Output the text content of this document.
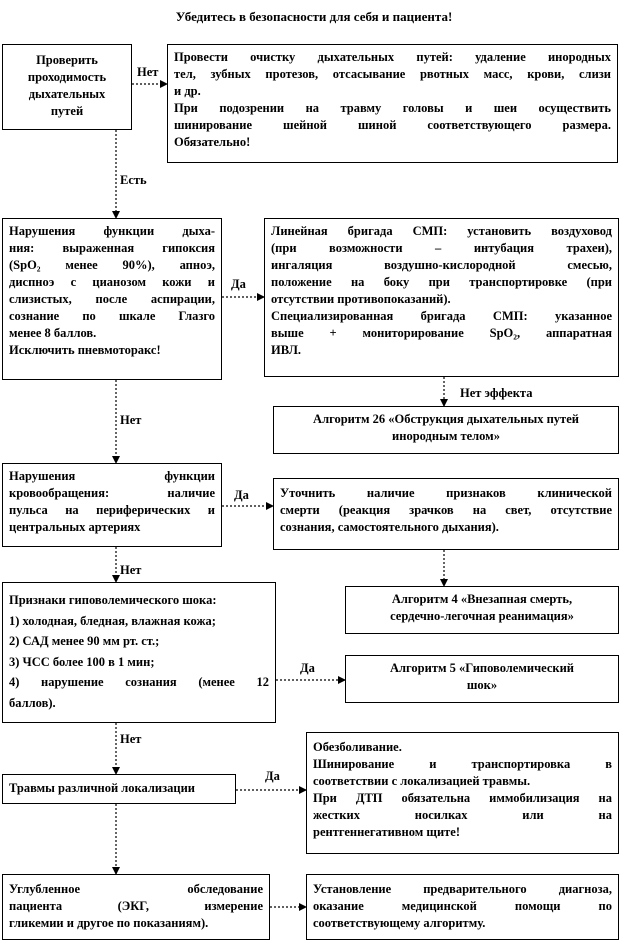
Убедитесь в безопасности для себя и пациента!

Проверить

проходимость

дыхательных

путей

Провести очистку дыхательных путей: удаление инородных

тел, зубных протезов, отсасывание рвотных масс, крови, слизи

и др.

При подозрении на травму головы и шеи осуществить

шинирование шейной шиной соответствующего размера.

Обязательно!

Нарушения функции дыха-

ния: выраженная гипоксия

(SpO₂ менее 90%), апноэ,

диспноэ с цианозом кожи и

слизистых, после аспирации,

сознание по шкале Глазго

менее 8 баллов.

Исключить пневмоторакс!

Линейная бригада СМП: установить воздуховод

(при возможности – интубация трахеи),

ингаляция воздушно-кислородной смесью,

положение на боку при транспортировке (при

отсутствии противопоказаний).

Специализированная бригада СМП: указанное

выше + мониторирование SpO₂, аппаратная

ИВЛ.

Алгоритм 26 «Обструкция дыхательных путей

инородным телом»

Нарушения функции

кровообращения: наличие

пульса на периферических и

центральных артериях

Уточнить наличие признаков клинической

смерти (реакция зрачков на свет, отсутствие

сознания, самостоятельного дыхания).

Алгоритм 4 «Внезапная смерть,

сердечно-легочная реанимация»

Признаки гиповолемического шока:

1) холодная, бледная, влажная кожа;

2) САД менее 90 мм рт. ст.;

3) ЧСС более 100 в 1 мин;

4) нарушение сознания (менее 12

баллов).

Алгоритм 5 «Гиповолемический

шок»

Травмы различной локализации

Обезболивание.

Шинирование и транспортировка в

соответствии с локализацией травмы.

При ДТП обязательна иммобилизация на

жестких носилках или на

рентгеннегативном щите!

Углубленное обследование

пациента (ЭКГ, измерение

гликемии и другое по показаниям).

Установление предварительного диагноза,

оказание медицинской помощи по

соответствующему алгоритму.

Нет
Есть
Да
Нет эффекта
Нет
Да
Нет
Да
Нет
Да
